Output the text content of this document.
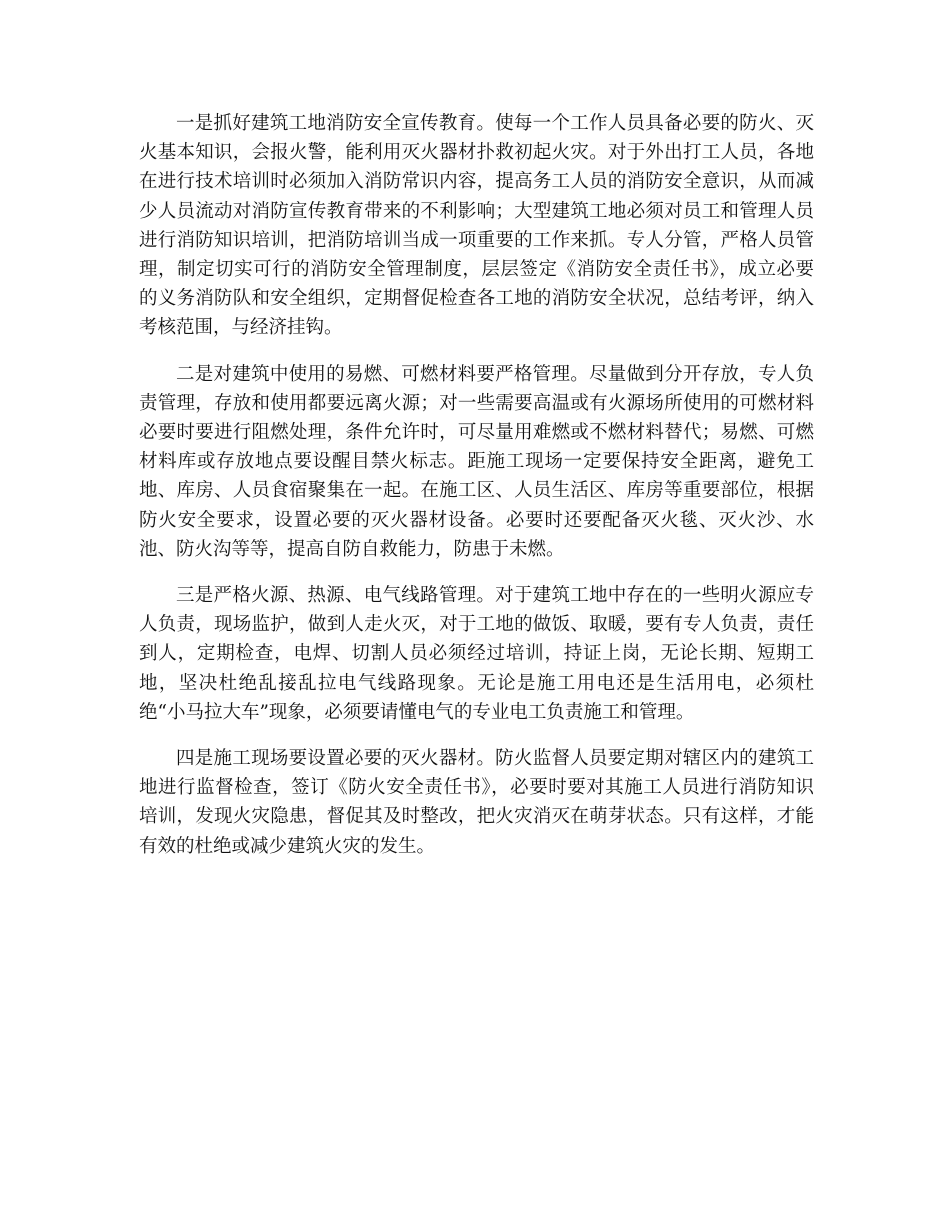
一是抓好建筑工地消防安全宣传教育。使每一个工作人员具备必要的防火、灭火基本知识，会报火警，能利用灭火器材扑救初起火灾。对于外出打工人员，各地在进行技术培训时必须加入消防常识内容，提高务工人员的消防安全意识，从而减少人员流动对消防宣传教育带来的不利影响；大型建筑工地必须对员工和管理人员进行消防知识培训，把消防培训当成一项重要的工作来抓。专人分管，严格人员管理，制定切实可行的消防安全管理制度，层层签定《消防安全责任书》，成立必要的义务消防队和安全组织，定期督促检查各工地的消防安全状况，总结考评，纳入考核范围，与经济挂钩。

二是对建筑中使用的易燃、可燃材料要严格管理。尽量做到分开存放，专人负责管理，存放和使用都要远离火源；对一些需要高温或有火源场所使用的可燃材料必要时要进行阻燃处理，条件允许时，可尽量用难燃或不燃材料替代；易燃、可燃材料库或存放地点要设醒目禁火标志。距施工现场一定要保持安全距离，避免工地、库房、人员食宿聚集在一起。在施工区、人员生活区、库房等重要部位，根据防火安全要求，设置必要的灭火器材设备。必要时还要配备灭火毯、灭火沙、水池、防火沟等等，提高自防自救能力，防患于未燃。

三是严格火源、热源、电气线路管理。对于建筑工地中存在的一些明火源应专人负责，现场监护，做到人走火灭，对于工地的做饭、取暖，要有专人负责，责任到人，定期检查，电焊、切割人员必须经过培训，持证上岗，无论长期、短期工地，坚决杜绝乱接乱拉电气线路现象。无论是施工用电还是生活用电，必须杜绝“小马拉大车”现象，必须要请懂电气的专业电工负责施工和管理。

四是施工现场要设置必要的灭火器材。防火监督人员要定期对辖区内的建筑工地进行监督检查，签订《防火安全责任书》，必要时要对其施工人员进行消防知识培训，发现火灾隐患，督促其及时整改，把火灾消灭在萌芽状态。只有这样，才能有效的杜绝或减少建筑火灾的发生。
